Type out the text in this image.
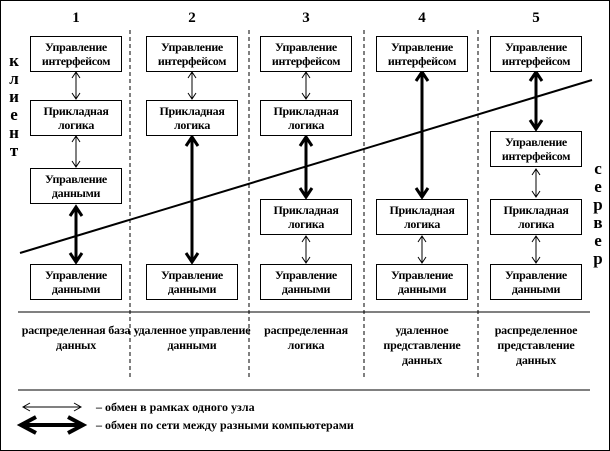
1	2	3	4	5
к
л
и
е
н
т
с
е
р
в
е
р
Управление интерфейсом
Прикладная логика
Управление данными
Управление данными
Управление интерфейсом
Прикладная логика
Управление данными
Управление интерфейсом
Прикладная логика
Прикладная логика
Управление данными
Управление интерфейсом
Прикладная логика
Управление данными
Управление интерфейсом
Управление интерфейсом
Прикладная логика
Управление данными
распределенная база данных
удаленное управление данными
распределенная логика
удаленное представление данных
распределенное представление данных
– обмен в рамках одного узла
– обмен по сети между разными компьютерами
